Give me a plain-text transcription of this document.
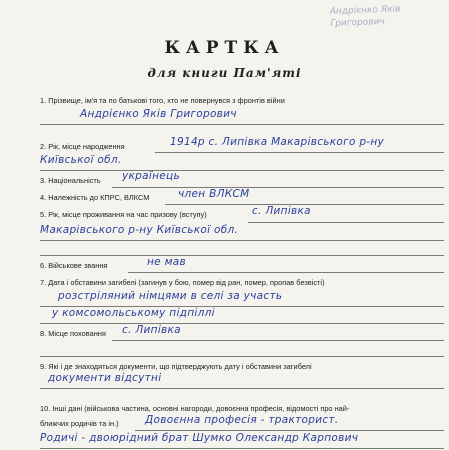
Андрієнко Яків Григорович
КАРТКА
для книги Пам'яті
1. Прізвище, ім'я та по батькові того, хто не повернувся з фронтів війни
Андрієнко Яків Григорович
2. Рік, місце народження	1914р с. Липівка Макарівського р-ну
Київської обл.
3. Національність українець
4. Належність до КПРС, ВЛКСМ	член ВЛКСМ
5. Рік, місце проживання на час призову (вступу)	с. Липівка
Макарівського р-ну Київської обл.
6. Військове звання	не мав
7. Дата і обставини загибелі (загинув у бою, помер від ран, помер, пропав безвісті)
розстріляний німцями в селі за участь
у комсомольському підпіллі
8. Місце поховання с. Липівка
9. Які і де знаходяться документи, що підтверджують дату і обставини загибелі
документи відсутні
10. Інші дані (військова частина, основні нагороди, довоєнна професія, відомості про най-
ближчих родичів та ін.)	Довоєнна професія - тракторист.
Родичі - двоюрідний брат Шумко Олександр Карпович
